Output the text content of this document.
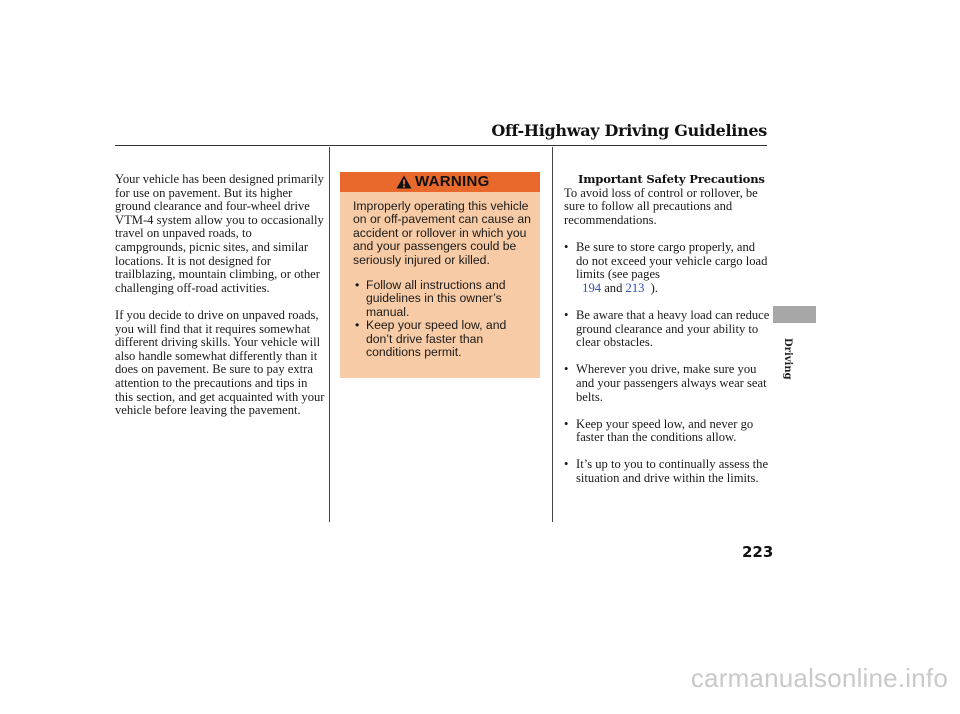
Off-Highway Driving Guidelines

Your vehicle has been designed primarily for use on pavement. But its higher ground clearance and four-wheel drive VTM-4 system allow you to occasionally travel on unpaved roads, to campgrounds, picnic sites, and similar locations. It is not designed for trailblazing, mountain climbing, or other challenging off-road activities.

If you decide to drive on unpaved roads, you will find that it requires somewhat different driving skills. Your vehicle will also handle somewhat differently than it does on pavement. Be sure to pay extra attention to the precautions and tips in this section, and get acquainted with your vehicle before leaving the pavement.

WARNING

Improperly operating this vehicle on or off-pavement can cause an accident or rollover in which you and your passengers could be seriously injured or killed.

• Follow all instructions and guidelines in this owner’s manual.

• Keep your speed low, and don’t drive faster than conditions permit.

Important Safety Precautions

To avoid loss of control or rollover, be sure to follow all precautions and recommendations.

• Be sure to store cargo properly, and do not exceed your vehicle cargo load limits (see pages
194 and 213 ).

• Be aware that a heavy load can reduce ground clearance and your ability to clear obstacles.

• Wherever you drive, make sure you and your passengers always wear seat belts.

• Keep your speed low, and never go faster than the conditions allow.

• It’s up to you to continually assess the situation and drive within the limits.

Driving
223
carmanualsonline.info
